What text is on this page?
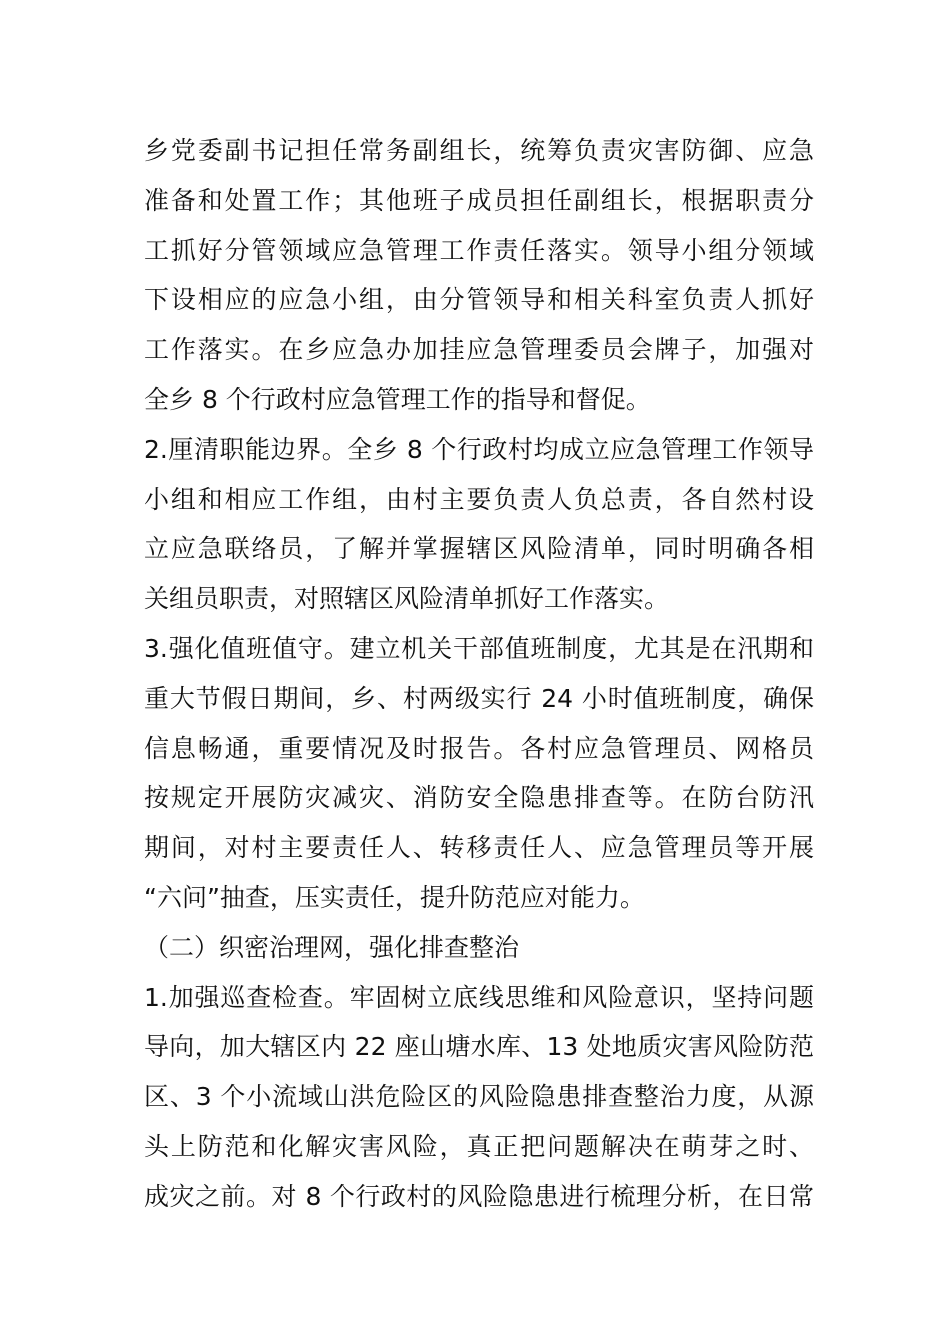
乡党委副书记担任常务副组长，统筹负责灾害防御、应急
准备和处置工作；其他班子成员担任副组长，根据职责分
工抓好分管领域应急管理工作责任落实。领导小组分领域
下设相应的应急小组，由分管领导和相关科室负责人抓好
工作落实。在乡应急办加挂应急管理委员会牌子，加强对
全乡 8 个行政村应急管理工作的指导和督促。
2.厘清职能边界。全乡 8 个行政村均成立应急管理工作领导
小组和相应工作组，由村主要负责人负总责，各自然村设
立应急联络员，了解并掌握辖区风险清单，同时明确各相
关组员职责，对照辖区风险清单抓好工作落实。
3.强化值班值守。建立机关干部值班制度，尤其是在汛期和
重大节假日期间，乡、村两级实行 24 小时值班制度，确保
信息畅通，重要情况及时报告。各村应急管理员、网格员
按规定开展防灾减灾、消防安全隐患排查等。在防台防汛
期间，对村主要责任人、转移责任人、应急管理员等开展
“六问”抽查，压实责任，提升防范应对能力。
（二）织密治理网，强化排查整治
1.加强巡查检查。牢固树立底线思维和风险意识，坚持问题
导向，加大辖区内 22 座山塘水库、13 处地质灾害风险防范
区、3 个小流域山洪危险区的风险隐患排查整治力度，从源
头上防范和化解灾害风险，真正把问题解决在萌芽之时、
成灾之前。对 8 个行政村的风险隐患进行梳理分析，在日常
